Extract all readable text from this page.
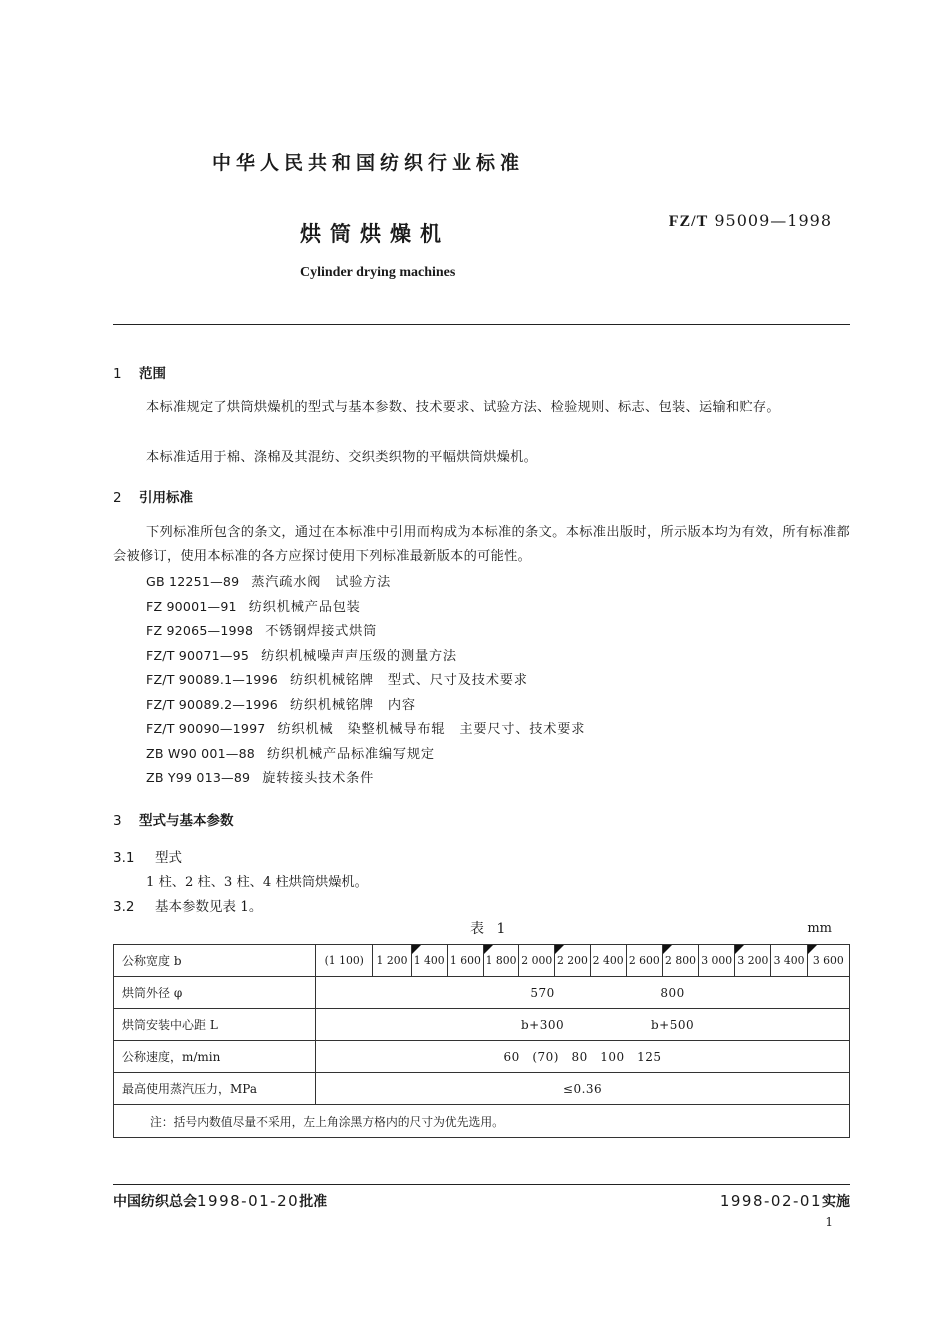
中华人民共和国纺织行业标准
烘筒烘燥机
FZ/T 95009—1998
Cylinder drying machines
1 范围

本标准规定了烘筒烘燥机的型式与基本参数、技术要求、试验方法、检验规则、标志、包装、运输和贮存。

本标准适用于棉、涤棉及其混纺、交织类织物的平幅烘筒烘燥机。

2 引用标准

下列标准所包含的条文，通过在本标准中引用而构成为本标准的条文。本标准出版时，所示版本均为有效，所有标准都会被修订，使用本标准的各方应探讨使用下列标准最新版本的可能性。

GB 12251—89 蒸汽疏水阀　试验方法
FZ 90001—91 纺织机械产品包装
FZ 92065—1998 不锈钢焊接式烘筒
FZ/T 90071—95 纺织机械噪声声压级的测量方法
FZ/T 90089.1—1996 纺织机械铭牌　型式、尺寸及技术要求
FZ/T 90089.2—1996 纺织机械铭牌　内容
FZ/T 90090—1997 纺织机械　染整机械导布辊　主要尺寸、技术要求
ZB W90 001—88 纺织机械产品标准编写规定
ZB Y99 013—89 旋转接头技术条件
3 型式与基本参数
3.1 型式

1 柱、2 柱、3 柱、4 柱烘筒烘燥机。

3.2 基本参数见表 1。
表 1	mm
公称宽度 b	(1 100)	1 200	1 400	1 600	1 800	2 000	2 200	2 400	2 600	2 800	3 000	3 200	3 400	3 600

烘筒外径 φ	570 800													
烘筒安装中心距 L	b+300 b+500													
公称速度，m/min	60　(70)　80　100　125													
最高使用蒸汽压力，MPa	≤0.36													
注：括号内数值尽量不采用，左上角涂黑方格内的尺寸为优先选用。														
中国纺织总会1998-01-20批准	1998-02-01实施
1
